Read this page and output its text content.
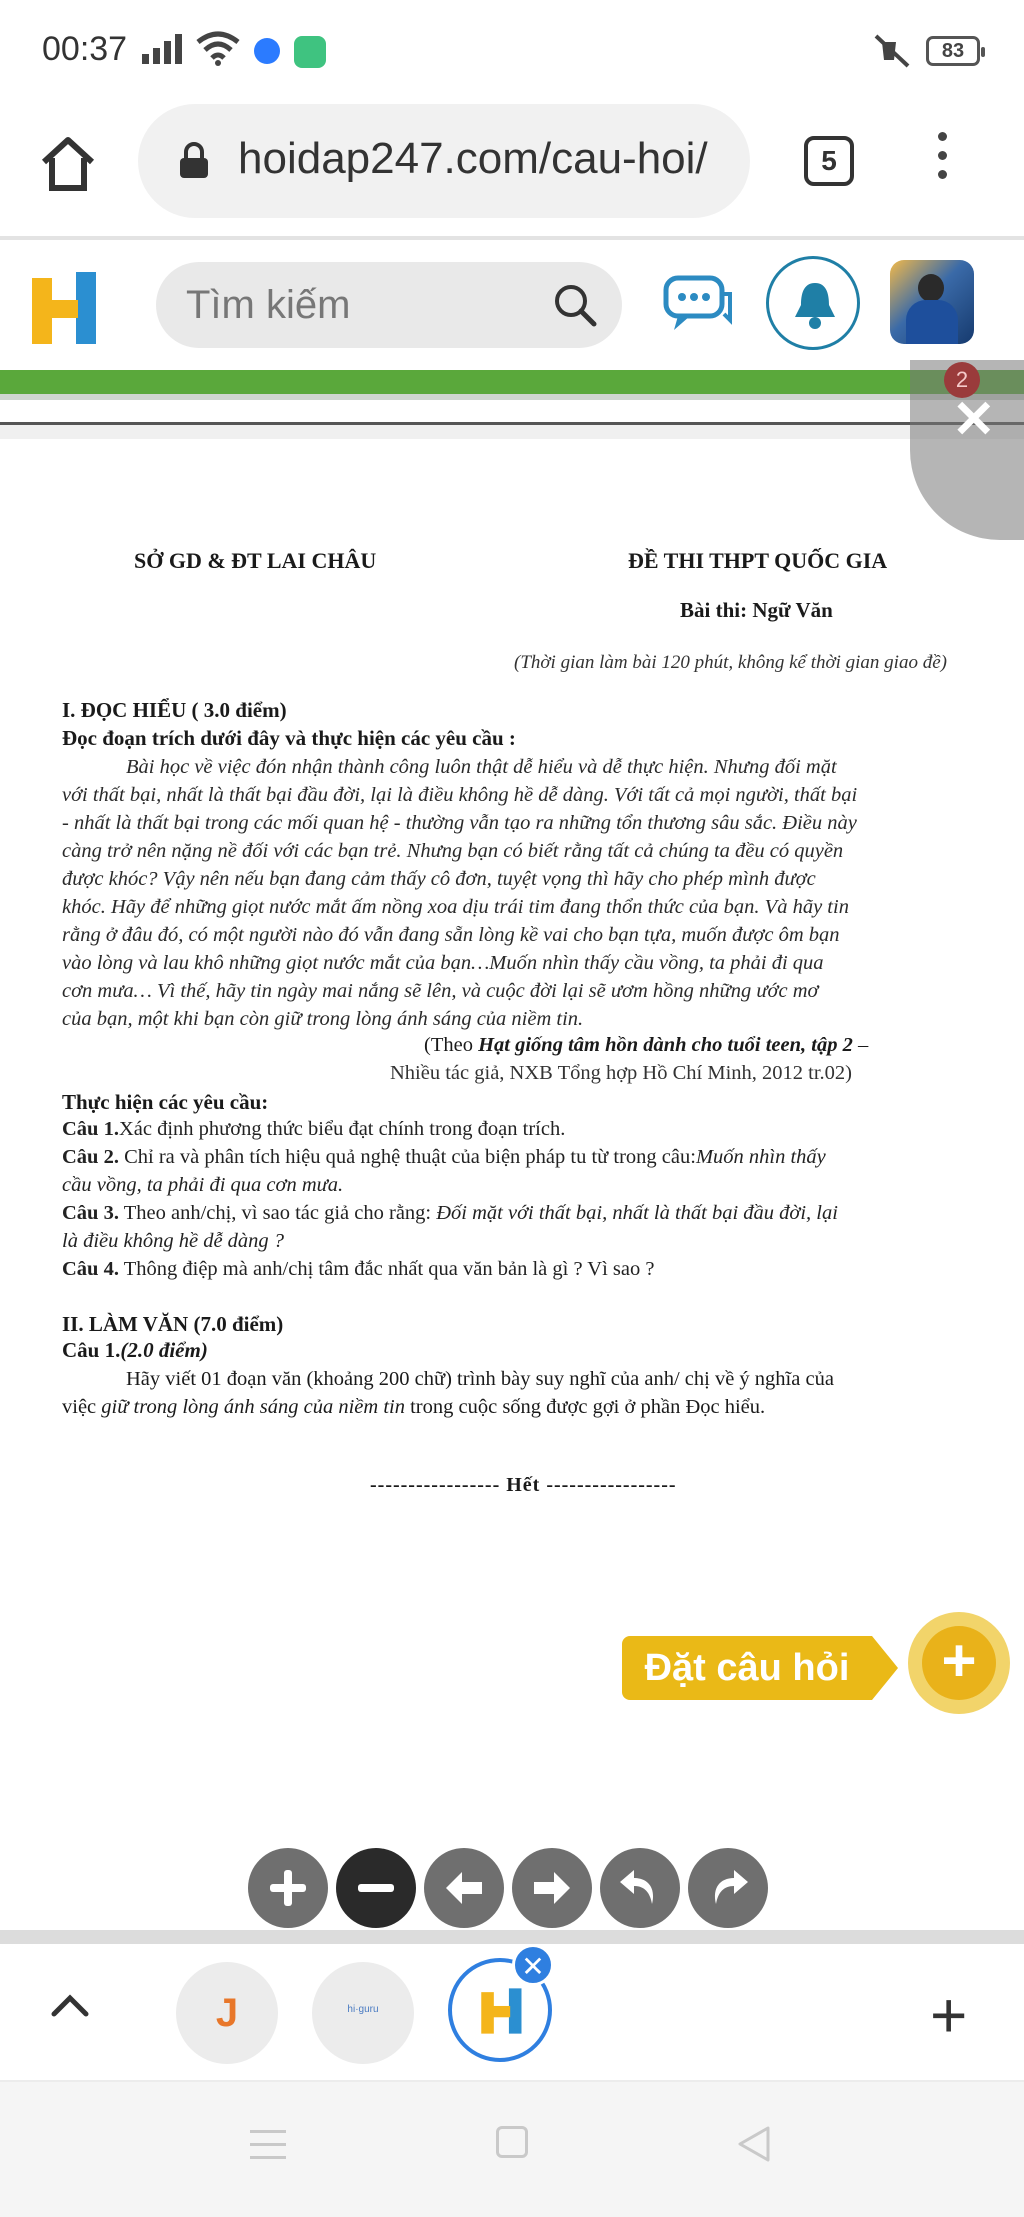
00:37	83
hoidap247.com/cau-hoi/	5
Tìm kiếm
2
✕
SỞ GD & ĐT LAI CHÂU	ĐỀ THI THPT QUỐC GIA
Bài thi: Ngữ Văn
(Thời gian làm bài 120 phút, không kể thời gian giao đề)
I. ĐỌC HIỂU ( 3.0 điểm)
Đọc đoạn trích dưới đây và thực hiện các yêu cầu :
Bài học về việc đón nhận thành công luôn thật dễ hiểu và dễ thực hiện. Nhưng đối mặt
với thất bại, nhất là thất bại đầu đời, lại là điều không hề dễ dàng. Với tất cả mọi người, thất bại
- nhất là thất bại trong các mối quan hệ - thường vẫn tạo ra những tổn thương sâu sắc. Điều này
càng trở nên nặng nề đối với các bạn trẻ. Nhưng bạn có biết rằng tất cả chúng ta đều có quyền
được khóc? Vậy nên nếu bạn đang cảm thấy cô đơn, tuyệt vọng thì hãy cho phép mình được
khóc. Hãy để những giọt nước mắt ấm nồng xoa dịu trái tim đang thổn thức của bạn. Và hãy tin
rằng ở đâu đó, có một người nào đó vẫn đang sẵn lòng kề vai cho bạn tựa, muốn được ôm bạn
vào lòng và lau khô những giọt nước mắt của bạn…Muốn nhìn thấy cầu vồng, ta phải đi qua
cơn mưa… Vì thế, hãy tin ngày mai nắng sẽ lên, và cuộc đời lại sẽ ươm hồng những ước mơ
của bạn, một khi bạn còn giữ trong lòng ánh sáng của niềm tin.
(Theo Hạt giống tâm hồn dành cho tuổi teen, tập 2 –
Nhiều tác giả, NXB Tổng hợp Hồ Chí Minh, 2012 tr.02)
Thực hiện các yêu cầu:
Câu 1.Xác định phương thức biểu đạt chính trong đoạn trích.
Câu 2. Chỉ ra và phân tích hiệu quả nghệ thuật của biện pháp tu từ trong câu:Muốn nhìn thấy
cầu vồng, ta phải đi qua cơn mưa.
Câu 3. Theo anh/chị, vì sao tác giả cho rằng: Đối mặt với thất bại, nhất là thất bại đầu đời, lại
là điều không hề dễ dàng ?
Câu 4. Thông điệp mà anh/chị tâm đắc nhất qua văn bản là gì ? Vì sao ?
II. LÀM VĂN (7.0 điểm)
Câu 1.(2.0 điểm)
Hãy viết 01 đoạn văn (khoảng 200 chữ) trình bày suy nghĩ của anh/ chị về ý nghĩa của
việc giữ trong lòng ánh sáng của niềm tin trong cuộc sống được gợi ở phần Đọc hiểu.
----------------- Hết -----------------
Đặt câu hỏi	+
J	hi·guru
✕
+
